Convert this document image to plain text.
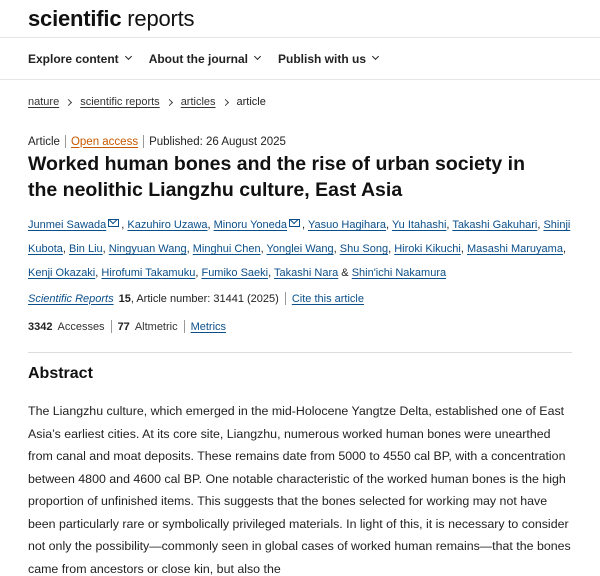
scientific reports
Explore content	About the journal	Publish with us
nature scientific reports articles article
Article Open access Published: 26 August 2025
Worked human bones and the rise of urban society in the neolithic Liangzhu culture, East Asia
Junmei Sawada , Kazuhiro Uzawa, Minoru Yoneda , Yasuo Hagihara, Yu Itahashi, Takashi Gakuhari, Shinji Kubota, Bin Liu, Ningyuan Wang, Minghui Chen, Yonglei Wang, Shu Song, Hiroki Kikuchi, Masashi Maruyama, Kenji Okazaki, Hirofumi Takamuku, Fumiko Saeki, Takashi Nara & Shin'ichi Nakamura
Scientific Reports 15 , Article number: 31441 (2025) Cite this article
3342 Accesses 77 Altmetric Metrics
Abstract

The Liangzhu culture, which emerged in the mid-Holocene Yangtze Delta, established one of East Asia’s earliest cities. At its core site, Liangzhu, numerous worked human bones were unearthed from canal and moat deposits. These remains date from 5000 to 4550 cal BP, with a concentration between 4800 and 4600 cal BP. One notable characteristic of the worked human bones is the high proportion of unfinished items. This suggests that the bones selected for working may not have been particularly rare or symbolically privileged materials. In light of this, it is necessary to consider not only the possibility—commonly seen in global cases of worked human remains—that the bones came from ancestors or close kin, but also the
